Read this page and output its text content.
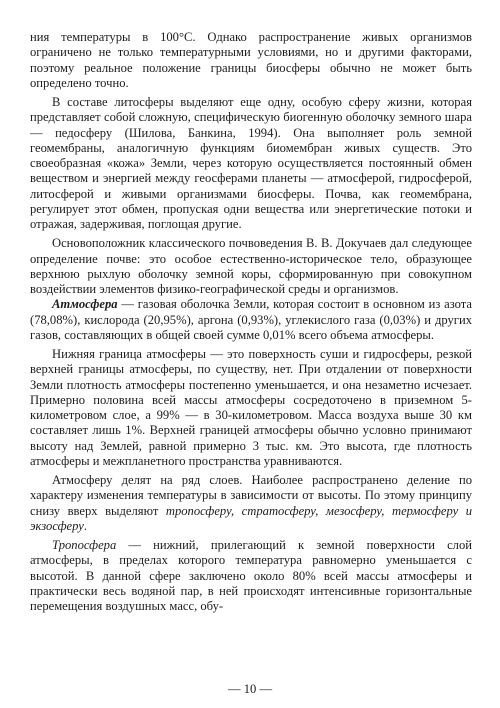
ния температуры в 100°С. Однако распространение живых организмов ограничено не только температурными условиями, но и другими факторами, поэтому реальное положение границы биосферы обычно не может быть определено точно.

В составе литосферы выделяют еще одну, особую сферу жизни, которая представляет собой сложную, специфическую биогенную оболочку земного шара — педосферу (Шилова, Банкина, 1994). Она выполняет роль земной геомембраны, аналогичную функциям биомембран живых существ. Это своеобразная «кожа» Земли, через которую осуществляется постоянный обмен веществом и энергией между геосферами планеты — атмосферой, гидросферой, литосферой и живыми организмами биосферы. Почва, как геомембрана, регулирует этот обмен, пропуская одни вещества или энергетические потоки и отражая, задерживая, поглощая другие.

Основоположник классического почвоведения В. В. Докучаев дал следующее определение почве: это особое естественно-историческое тело, образующее верхнюю рыхлую оболочку земной коры, сформированную при совокупном воздействии элементов физико-географической среды и организмов.

Атмосфера — газовая оболочка Земли, которая состоит в основном из азота (78,08%), кислорода (20,95%), аргона (0,93%), углекислого газа (0,03%) и других газов, составляющих в общей своей сумме 0,01% всего объема атмосферы.

Нижняя граница атмосферы — это поверхность суши и гидросферы, резкой верхней границы атмосферы, по существу, нет. При отдалении от поверхности Земли плотность атмосферы постепенно уменьшается, и она незаметно исчезает. Примерно половина всей массы атмосферы сосредоточено в приземном 5-километровом слое, а 99% — в 30-километровом. Масса воздуха выше 30 км составляет лишь 1%. Верхней границей атмосферы обычно условно принимают высоту над Землей, равной примерно 3 тыс. км. Это высота, где плотность атмосферы и межпланетного пространства уравниваются.

Атмосферу делят на ряд слоев. Наиболее распространено деление по характеру изменения температуры в зависимости от высоты. По этому принципу снизу вверх выделяют тропосферу, стратосферу, мезосферу, термосферу и экзосферу.

Тропосфера — нижний, прилегающий к земной поверхности слой атмосферы, в пределах которого температура равномерно уменьшается с высотой. В данной сфере заключено около 80% всей массы атмосферы и практически весь водяной пар, в ней происходят интенсивные горизонтальные перемещения воздушных масс, обу-

— 10 —
